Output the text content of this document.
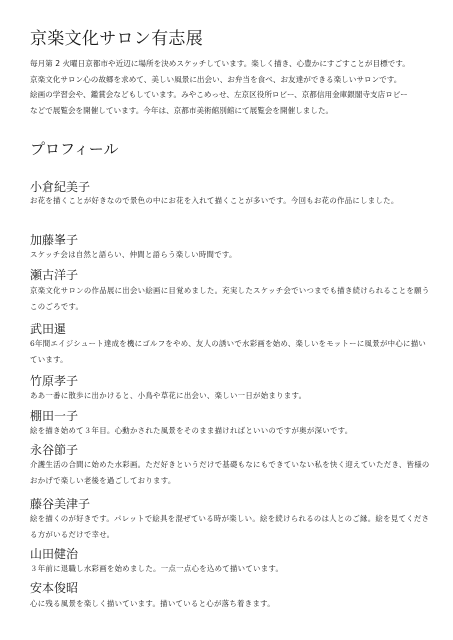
京楽文化サロン有志展
毎月第 2 火曜日京都市や近辺に場所を決めスケッチしています。楽しく描き、心豊かにすごすことが目標です。
京楽文化サロン心の故郷を求めて、美しい風景に出会い、お弁当を食べ、お友達ができる楽しいサロンです。
絵画の学習会や、鑑賞会などもしています。みやこめっせ、左京区役所ロビー、京都信用金庫銀閣寺支店ロビー
などで展覧会を開催しています。今年は、京都市美術館別館にて展覧会を開催しました。
プロフィール
小倉紀美子

お花を描くことが好きなので景色の中にお花を入れて描くことが多いです。今回もお花の作品にしました。

加藤峯子

スケッチ会は自然と語らい、仲間と語らう楽しい時間です。

瀬古洋子

京楽文化サロンの作品展に出会い絵画に目覚めました。充実したスケッチ会でいつまでも描き続けられることを願うこのごろです。

武田暹

6年間エイジシュート達成を機にゴルフをやめ、友人の誘いで水彩画を始め、楽しいをモットーに風景が中心に描いています。

竹原孝子

ああ一番に散歩に出かけると、小鳥や草花に出会い、楽しい一日が始まります。

棚田一子

絵を描き始めて３年目。心動かされた風景をそのまま描ければといいのですが奥が深いです。

永谷節子

介護生活の合間に始めた水彩画。ただ好きというだけで基礎もなにもできていない私を快く迎えていただき、皆様のおかげで楽しい老後を過ごしております。

藤谷美津子

絵を描くのが好きです。パレットで絵具を混ぜている時が楽しい。絵を続けられるのは人とのご縁。絵を見てくださる方がいるだけで幸せ。

山田健治

３年前に退職し水彩画を始めました。一点一点心を込めて描いています。

安本俊昭

心に残る風景を楽しく描いています。描いていると心が落ち着きます。
